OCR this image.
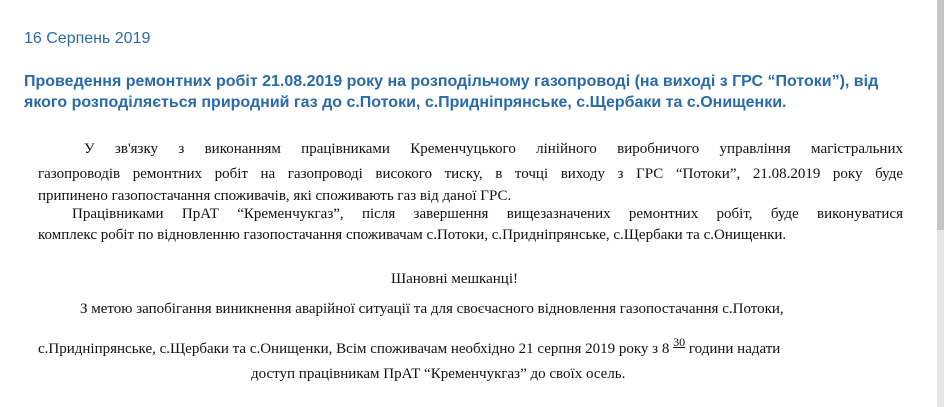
16 Серпень 2019
Проведення ремонтних робіт 21.08.2019 року на розподільчому газопроводі (на виході з ГРС “Потоки”), від якого розподіляється природний газ до с.Потоки, с.Придніпрянське, с.Щербаки та с.Онищенки.
У зв'язку з виконанням працівниками Кременчуцького лінійного виробничого управління магістральних
газопроводів ремонтних робіт на газопроводі високого тиску, в точці виходу з ГРС “Потоки”, 21.08.2019 року буде
припинено газопостачання споживачів, які споживають газ від даної ГРС.
Працівниками ПрАТ “Кременчукгаз”, після завершення вищезазначених ремонтних робіт, буде виконуватися
комплекс робіт по відновленню газопостачання споживачам с.Потоки, с.Придніпрянське, с.Щербаки та с.Онищенки.
Шановні мешканці!
З метою запобігання виникнення аварійної ситуації та для своєчасного відновлення газопостачання с.Потоки,
с.Придніпрянське, с.Щербаки та с.Онищенки, Всім споживачам необхідно 21 серпня 2019 року з 8 $^{30}$ години надати
доступ працівникам ПрАТ “Кременчукгаз” до своїх осель.
